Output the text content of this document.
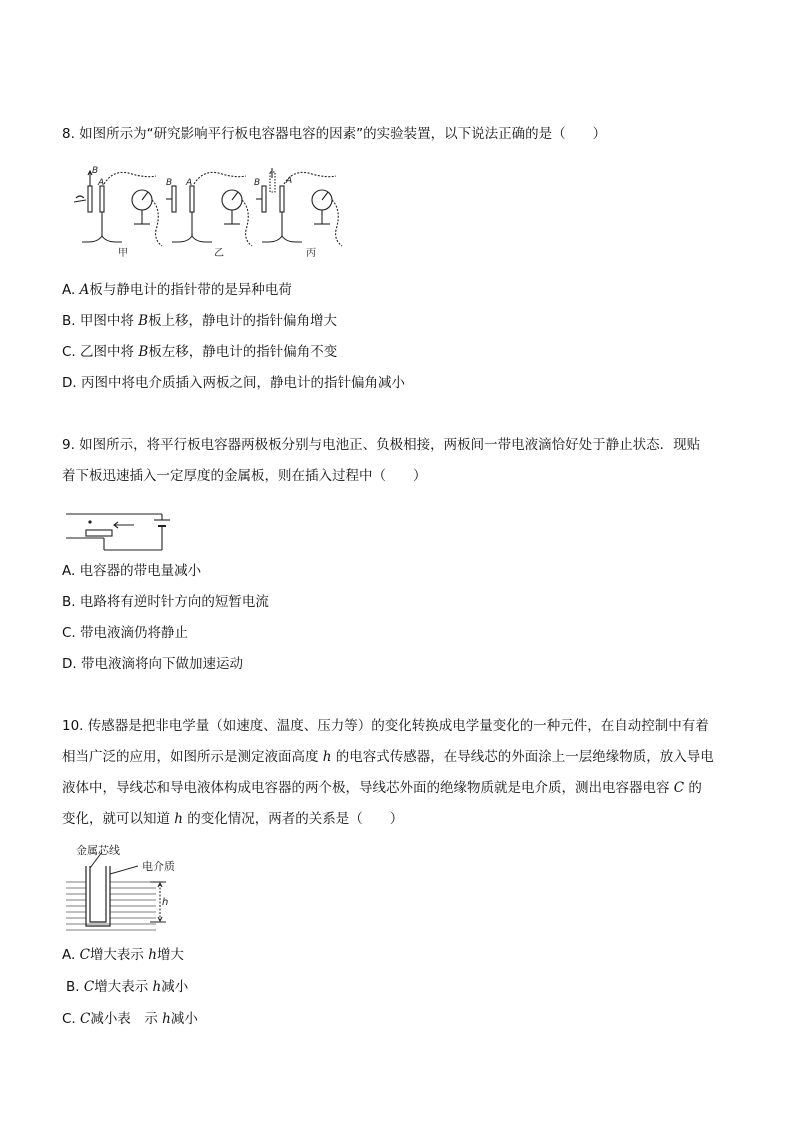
8. 如图所示为“研究影响平行板电容器电容的因素”的实验装置，以下说法正确的是（　　）
B
A	B A	B	A
甲	乙	丙
A. A板与静电计的指针带的是异种电荷
B. 甲图中将 B板上移，静电计的指针偏角增大
C. 乙图中将 B板左移，静电计的指针偏角不变
D. 丙图中将电介质插入两板之间，静电计的指针偏角减小
9. 如图所示，将平行板电容器两极板分别与电池正、负极相接，两板间一带电液滴恰好处于静止状态．现贴
着下板迅速插入一定厚度的金属板，则在插入过程中（　　）
A. 电容器的带电量减小
B. 电路将有逆时针方向的短暂电流
C. 带电液滴仍将静止
D. 带电液滴将向下做加速运动
10. 传感器是把非电学量（如速度、温度、压力等）的变化转换成电学量变化的一种元件，在自动控制中有着
相当广泛的应用，如图所示是测定液面高度 h 的电容式传感器，在导线芯的外面涂上一层绝缘物质，放入导电
液体中，导线芯和导电液体构成电容器的两个极，导线芯外面的绝缘物质就是电介质，测出电容器电容 C 的
变化，就可以知道 h 的变化情况，两者的关系是（　　）
金属芯线
电介质
h
A. C增大表示 h增大
B. C增大表示 h减小
C. C减小表　示 h减小
